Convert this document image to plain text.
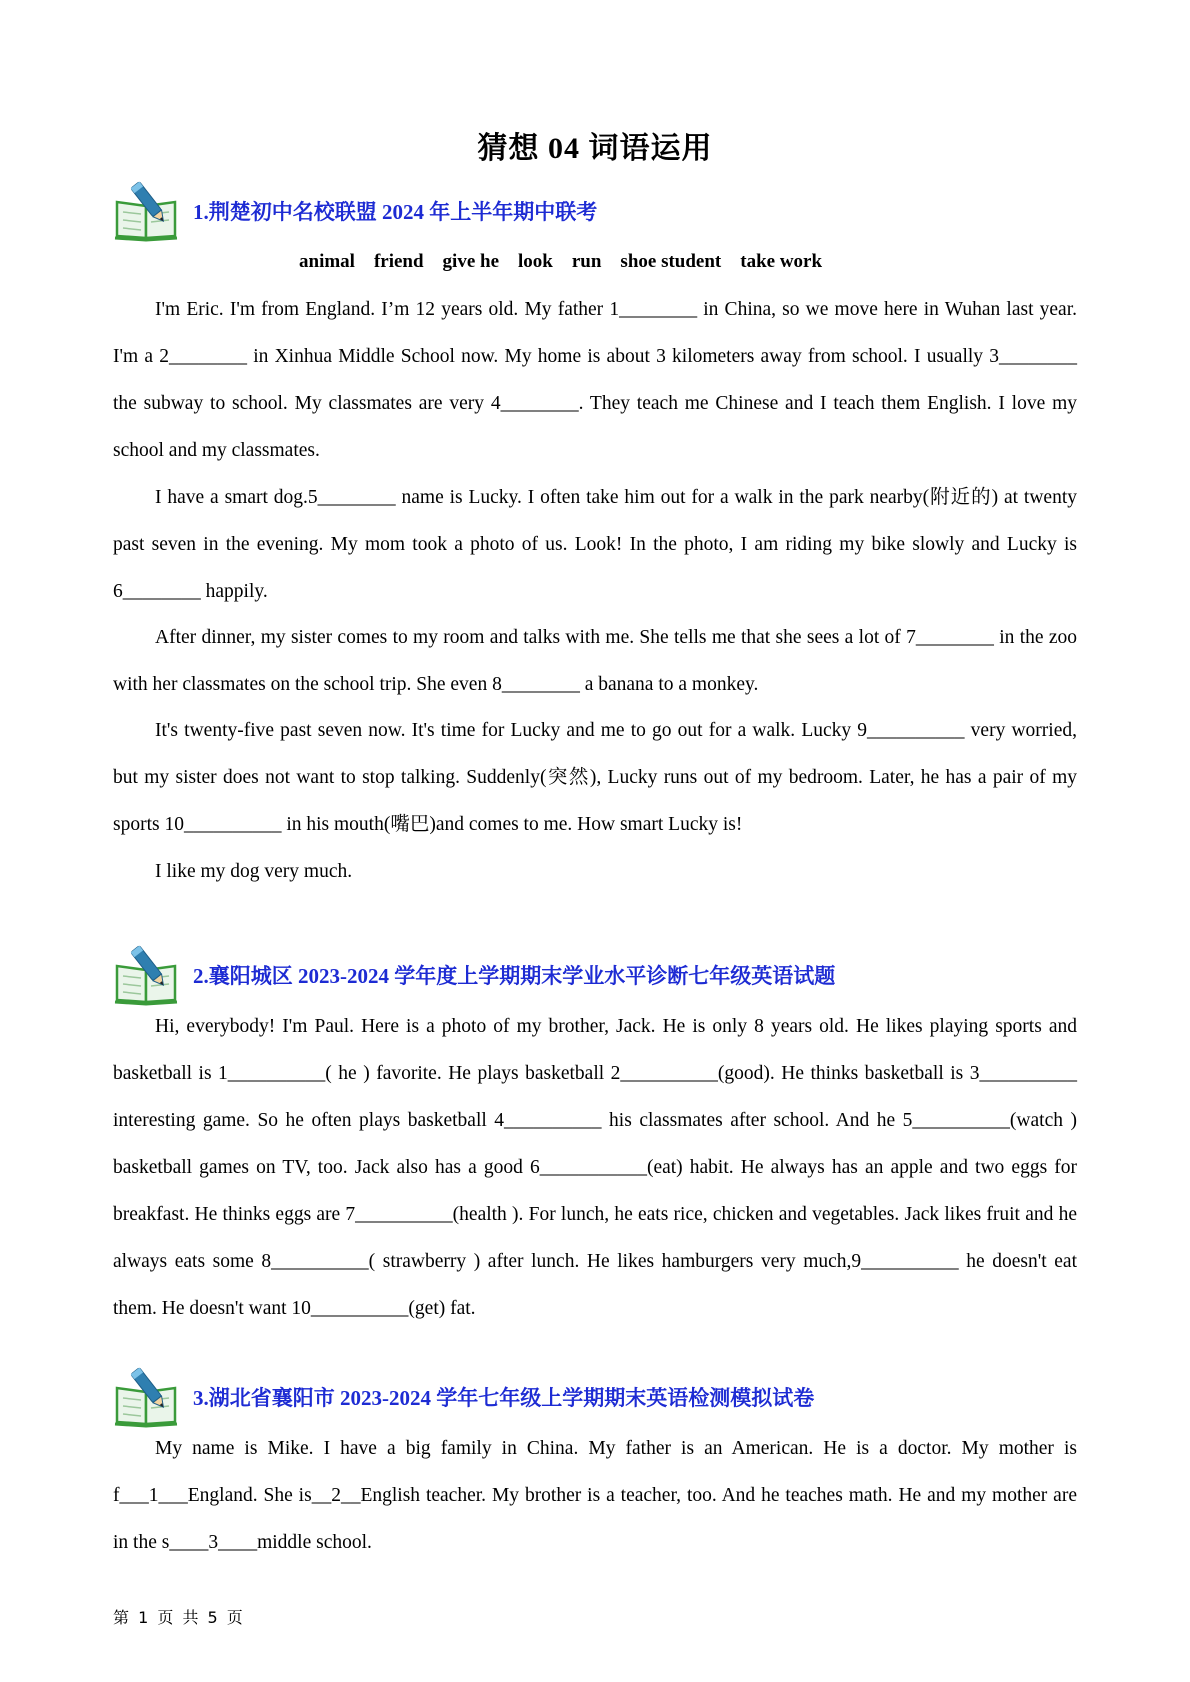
猜想 04 词语运用
1.荆楚初中名校联盟 2024 年上半年期中联考
animal    friend    give he    look    run    shoe student    take work

I'm Eric. I'm from England. I’m 12 years old. My father 1________ in China, so we move here in Wuhan last year. I'm a 2________ in Xinhua Middle School now. My home is about 3 kilometers away from school. I usually 3________ the subway to school. My classmates are very 4________. They teach me Chinese and I teach them English. I love my school and my classmates.

I have a smart dog.5________ name is Lucky. I often take him out for a walk in the park nearby(附近的) at twenty past seven in the evening. My mom took a photo of us. Look! In the photo, I am riding my bike slowly and Lucky is 6________ happily.

After dinner, my sister comes to my room and talks with me. She tells me that she sees a lot of 7________ in the zoo with her classmates on the school trip. She even 8________ a banana to a monkey.

It's twenty-five past seven now. It's time for Lucky and me to go out for a walk. Lucky 9__________ very worried, but my sister does not want to stop talking. Suddenly(突然), Lucky runs out of my bedroom. Later, he has a pair of my sports 10__________ in his mouth(嘴巴)and comes to me. How smart Lucky is!

I like my dog very much.

2.襄阳城区 2023-2024 学年度上学期期末学业水平诊断七年级英语试题

Hi, everybody! I'm Paul. Here is a photo of my brother, Jack. He is only 8 years old. He likes playing sports and basketball is 1__________( he ) favorite. He plays basketball 2__________(good). He thinks basketball is 3__________ interesting game. So he often plays basketball 4__________ his classmates after school. And he 5__________(watch ) basketball games on TV, too. Jack also has a good 6___________(eat) habit. He always has an apple and two eggs for breakfast. He thinks eggs are 7__________(health ). For lunch, he eats rice, chicken and vegetables. Jack likes fruit and he always eats some 8__________( strawberry ) after lunch. He likes hamburgers very much,9__________ he doesn't eat them. He doesn't want 10__________(get) fat.

3.湖北省襄阳市 2023-2024 学年七年级上学期期末英语检测模拟试卷

My name is Mike. I have a big family in China. My father is an American. He is a doctor. My mother is f___1___England. She is__2__English teacher. My brother is a teacher, too. And he teaches math. He and my mother are in the s____3____middle school.

第 1 页 共 5 页
